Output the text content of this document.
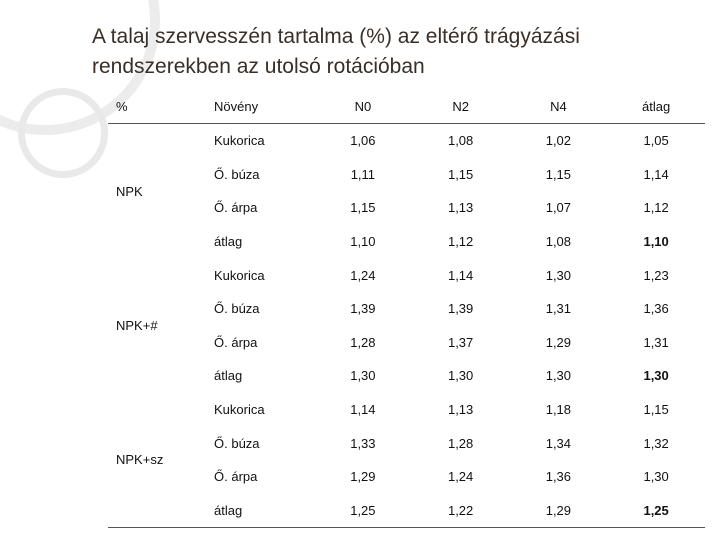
A talaj szervesszén tartalma (%) az eltérő trágyázási
rendszerekben az utolsó rotációban
%	Növény	N0	N2	N4	átlag
NPK	Kukorica	1,06	1,08	1,02	1,05
	Ő. búza	1,11	1,15	1,15	1,14
	Ő. árpa	1,15	1,13	1,07	1,12
	átlag	1,10	1,12	1,08	1,10
NPK+#	Kukorica	1,24	1,14	1,30	1,23
	Ő. búza	1,39	1,39	1,31	1,36
	Ő. árpa	1,28	1,37	1,29	1,31
	átlag	1,30	1,30	1,30	1,30
NPK+sz	Kukorica	1,14	1,13	1,18	1,15
	Ő. búza	1,33	1,28	1,34	1,32
	Ő. árpa	1,29	1,24	1,36	1,30
	átlag	1,25	1,22	1,29	1,25
